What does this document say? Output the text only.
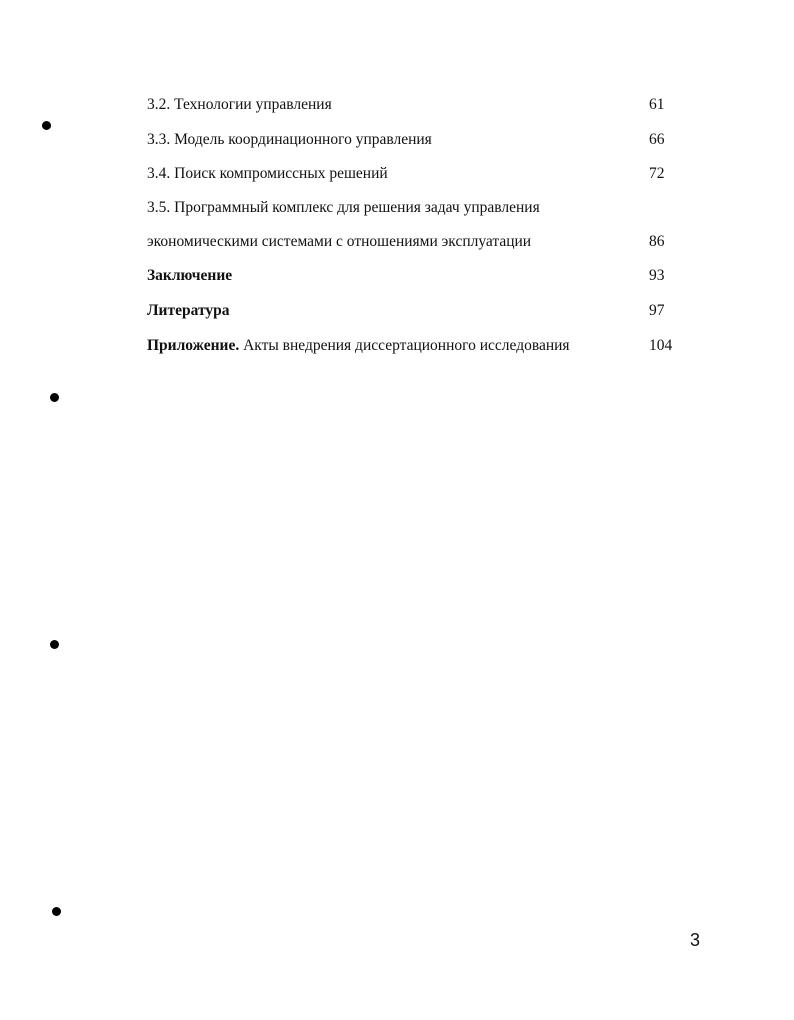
3.2. Технологии управления	61
3.3. Модель координационного управления	66
3.4. Поиск компромиссных решений	72
3.5. Программный комплекс для решения задач управления
экономическими системами с отношениями эксплуатации	86
Заключение	93
Литература	97
Приложение. Акты внедрения диссертационного исследования	104
3
